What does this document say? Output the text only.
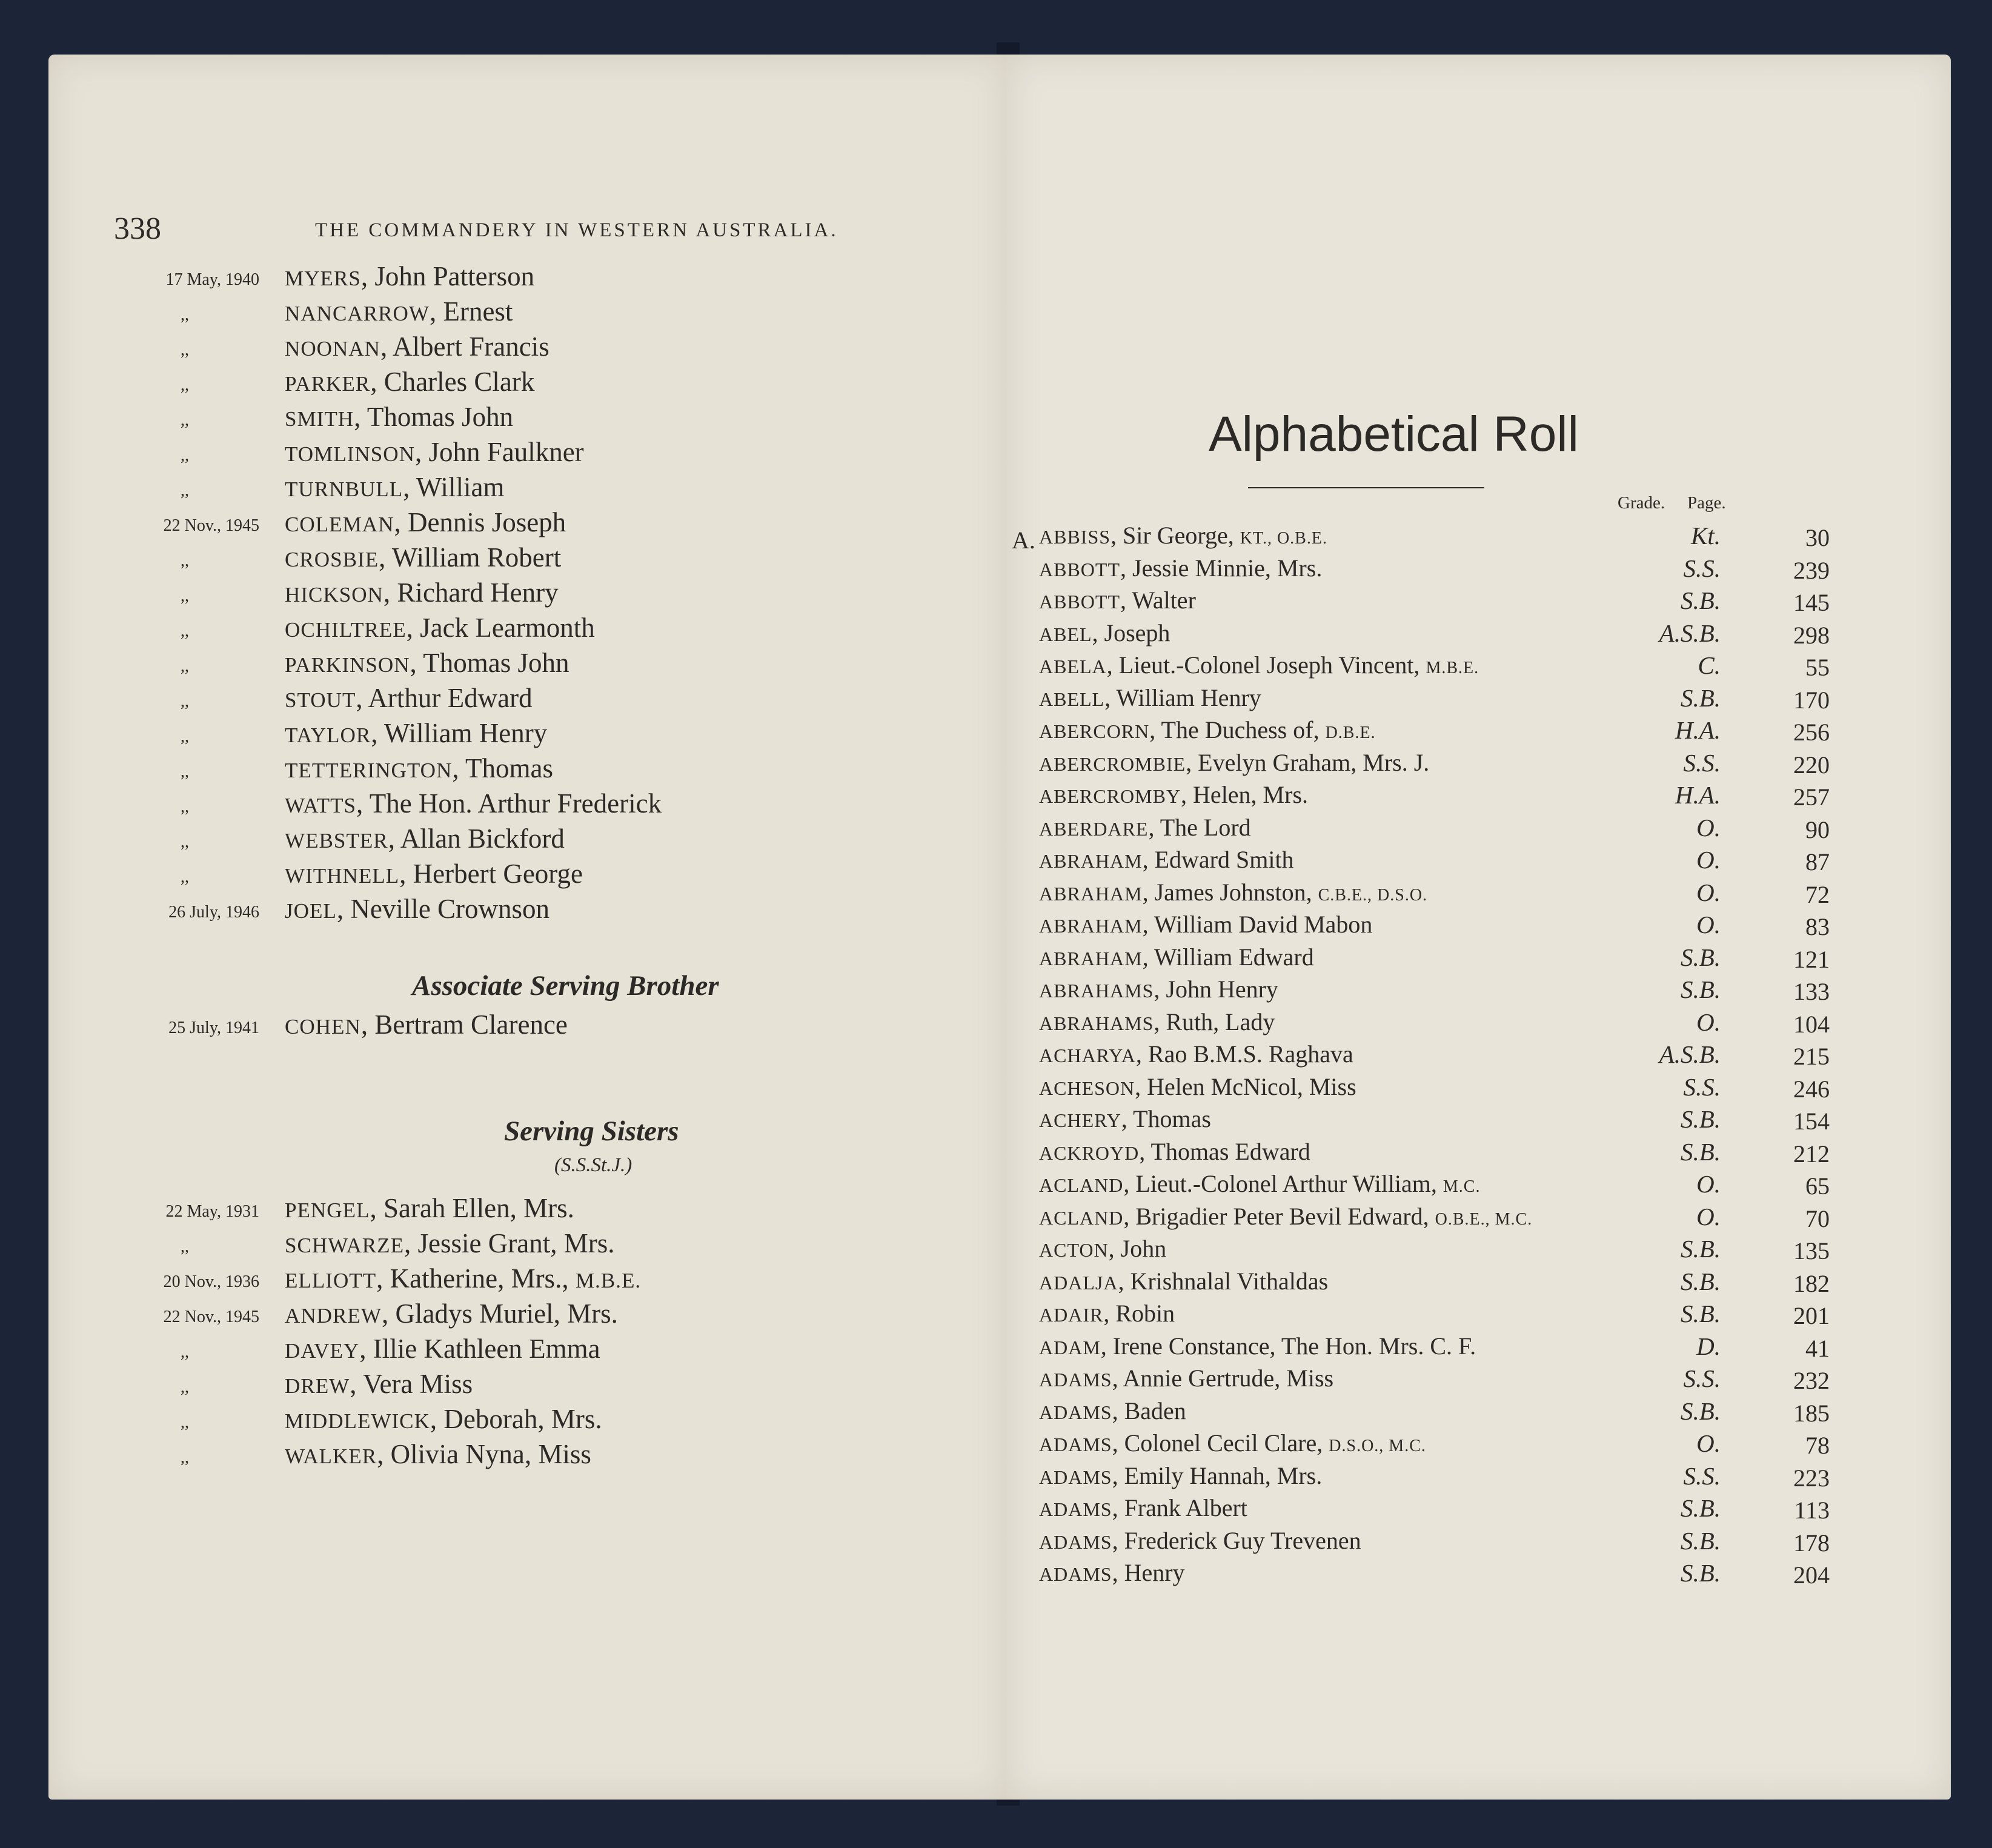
338	THE COMMANDERY IN WESTERN AUSTRALIA.
17 May, 1940 MYERS, John Patterson
,,	NANCARROW, Ernest
,,	NOONAN, Albert Francis
,,	PARKER, Charles Clark
,,	SMITH, Thomas John
,,	TOMLINSON, John Faulkner
,,	TURNBULL, William
22 Nov., 1945 COLEMAN, Dennis Joseph
,,	CROSBIE, William Robert
,,	HICKSON, Richard Henry
,,	OCHILTREE, Jack Learmonth
,,	PARKINSON, Thomas John
,,	STOUT, Arthur Edward
,,	TAYLOR, William Henry
,,	TETTERINGTON, Thomas
,,	WATTS, The Hon. Arthur Frederick
,,	WEBSTER, Allan Bickford
,,	WITHNELL, Herbert George
26 July, 1946 JOEL, Neville Crownson
Associate Serving Brother
25 July, 1941 COHEN, Bertram Clarence
Serving Sisters
(S.S.St.J.)
22 May, 1931 PENGEL, Sarah Ellen, Mrs.
,,	SCHWARZE, Jessie Grant, Mrs.
20 Nov., 1936 ELLIOTT, Katherine, Mrs., M.B.E.
22 Nov., 1945 ANDREW, Gladys Muriel, Mrs.
,,	DAVEY, Illie Kathleen Emma
,,	DREW, Vera Miss
,,	MIDDLEWICK, Deborah, Mrs.
,,	WALKER, Olivia Nyna, Miss
Alphabetical Roll
Grade. Page.
A. ABBISS, Sir George, KT., O.B.E.	Kt.	30
ABBOTT, Jessie Minnie, Mrs.	S.S.	239
ABBOTT, Walter	S.B.	145
ABEL, Joseph	A.S.B.	298
ABELA, Lieut.-Colonel Joseph Vincent, M.B.E.	C.	55
ABELL, William Henry	S.B.	170
ABERCORN, The Duchess of, D.B.E.	H.A.	256
ABERCROMBIE, Evelyn Graham, Mrs. J.	S.S.	220
ABERCROMBY, Helen, Mrs.	H.A.	257
ABERDARE, The Lord	O.	90
ABRAHAM, Edward Smith	O.	87
ABRAHAM, James Johnston, C.B.E., D.S.O.	O.	72
ABRAHAM, William David Mabon	O.	83
ABRAHAM, William Edward	S.B.	121
ABRAHAMS, John Henry	S.B.	133
ABRAHAMS, Ruth, Lady	O.	104
ACHARYA, Rao B.M.S. Raghava	A.S.B.	215
ACHESON, Helen McNicol, Miss	S.S.	246
ACHERY, Thomas	S.B.	154
ACKROYD, Thomas Edward	S.B.	212
ACLAND, Lieut.-Colonel Arthur William, M.C.	O.	65
ACLAND, Brigadier Peter Bevil Edward, O.B.E., M.C.	O.	70
ACTON, John	S.B.	135
ADALJA, Krishnalal Vithaldas	S.B.	182
ADAIR, Robin	S.B.	201
ADAM, Irene Constance, The Hon. Mrs. C. F.	D.	41
ADAMS, Annie Gertrude, Miss	S.S.	232
ADAMS, Baden	S.B.	185
ADAMS, Colonel Cecil Clare, D.S.O., M.C.	O.	78
ADAMS, Emily Hannah, Mrs.	S.S.	223
ADAMS, Frank Albert	S.B.	113
ADAMS, Frederick Guy Trevenen	S.B.	178
ADAMS, Henry	S.B.	204
